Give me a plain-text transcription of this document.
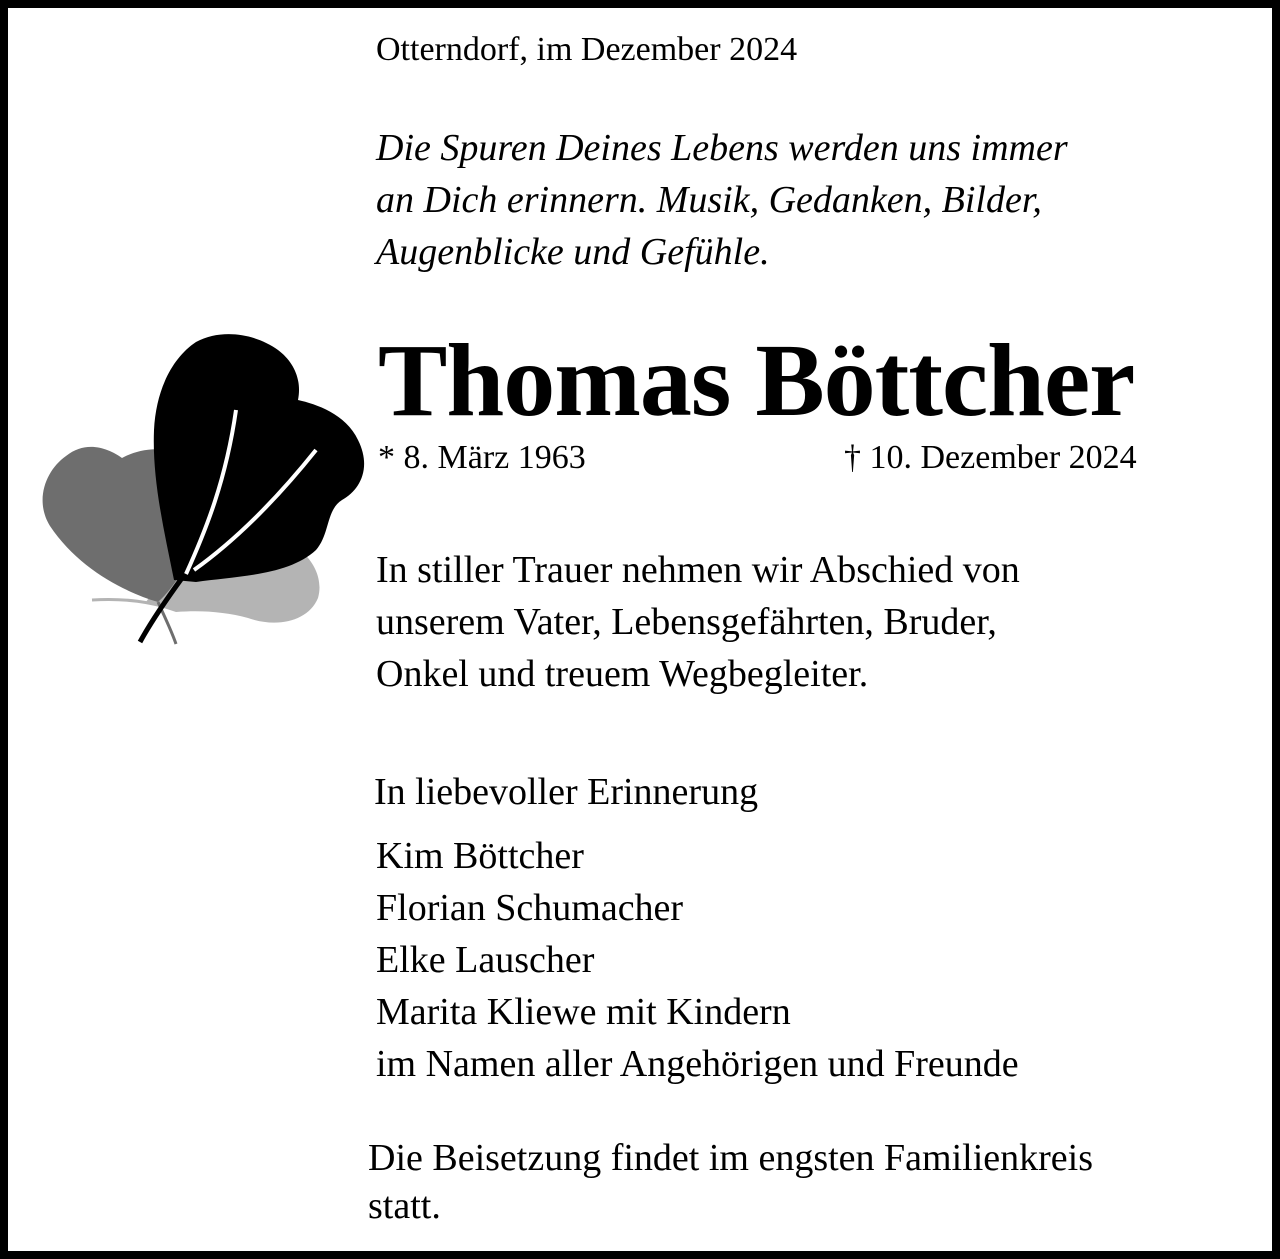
Otterndorf, im Dezember 2024

Die Spuren Deines Lebens werden uns immer
an Dich erinnern. Musik, Gedanken, Bilder,
Augenblicke und Gefühle.

Thomas Böttcher

* 8. März 1963	† 10. Dezember 2024

In stiller Trauer nehmen wir Abschied von
unserem Vater, Lebensgefährten, Bruder,
Onkel und treuem Wegbegleiter.

In liebevoller Erinnerung

Kim Böttcher
Florian Schumacher
Elke Lauscher
Marita Kliewe mit Kindern
im Namen aller Angehörigen und Freunde
Die Beisetzung findet im engsten Familienkreis
statt.
